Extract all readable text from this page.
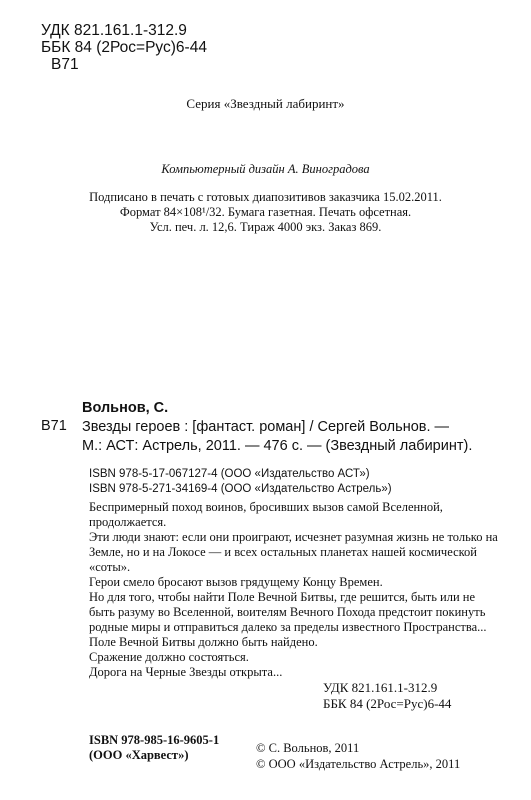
УДК 821.161.1-312.9
ББК 84 (2Рос=Рус)6-44
В71
Серия «Звездный лабиринт»
Компьютерный дизайн А. Виноградова
Подписано в печать с готовых диапозитивов заказчика 15.02.2011.
Формат 84×108¹/32. Бумага газетная. Печать офсетная.
Усл. печ. л. 12,6. Тираж 4000 экз. Заказ 869.
Вольнов, С.
В71 Звезды героев : [фантаст. роман] / Сергей Вольнов. —
М.: АСТ: Астрель, 2011. — 476 с. — (Звездный лабиринт).
ISBN 978-5-17-067127-4 (ООО «Издательство АСТ»)
ISBN 978-5-271-34169-4 (ООО «Издательство Астрель»)

Беспримерный поход воинов, бросивших вызов самой Вселенной, продолжается.

Эти люди знают: если они проиграют, исчезнет разумная жизнь не только на Земле, но и на Локосе — и всех остальных планетах нашей космической «соты».

Герои смело бросают вызов грядущему Концу Времен.

Но для того, чтобы найти Поле Вечной Битвы, где решится, быть или не быть разуму во Вселенной, вoителям Вечного Похода предстоит покинуть родные миры и отправиться далеко за пределы известного Пространства...

Поле Вечной Битвы должно быть найдено.

Сражение должно состояться.

Дорога на Черные Звезды открыта...

УДК 821.161.1-312.9
ББК 84 (2Рос=Рус)6-44
ISBN 978-985-16-9605-1
(ООО «Харвест»)	© С. Вольнов, 2011
© ООО «Издательство Астрель», 2011
